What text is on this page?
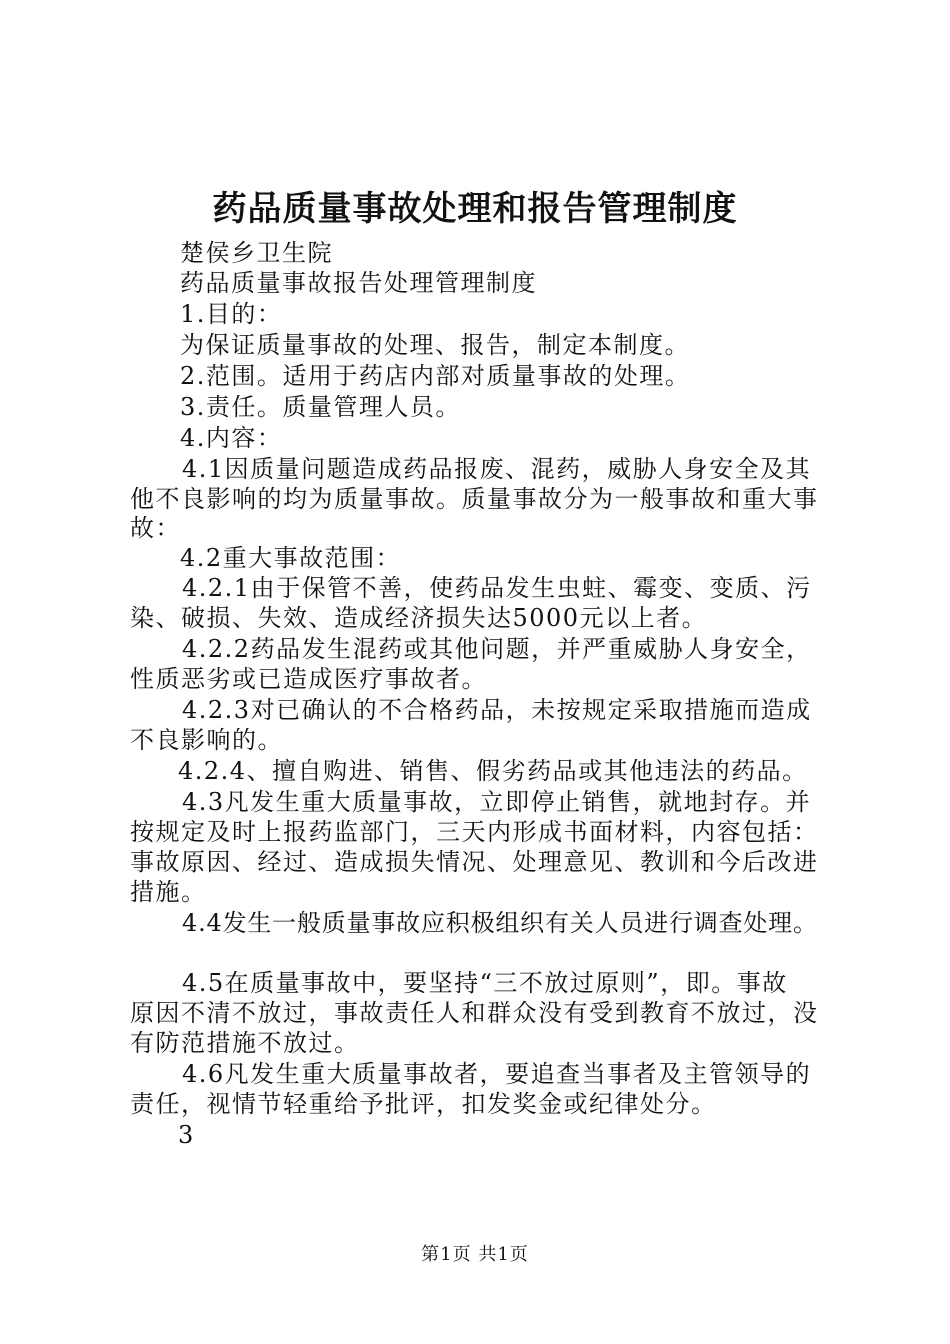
药品质量事故处理和报告管理制度
楚侯乡卫生院
药品质量事故报告处理管理制度
1.目的：
为保证质量事故的处理、报告，制定本制度。
2.范围。适用于药店内部对质量事故的处理。
3.责任。质量管理人员。
4.内容：
4.1因质量问题造成药品报废、混药，威胁人身安全及其
他不良影响的均为质量事故。质量事故分为一般事故和重大事
故：
4.2重大事故范围：
4.2.1由于保管不善，使药品发生虫蛀、霉变、变质、污
染、破损、失效、造成经济损失达5000元以上者。
4.2.2药品发生混药或其他问题，并严重威胁人身安全，
性质恶劣或已造成医疗事故者。
4.2.3对已确认的不合格药品，未按规定采取措施而造成
不良影响的。
4.2.4、擅自购进、销售、假劣药品或其他违法的药品。
4.3凡发生重大质量事故，立即停止销售，就地封存。并
按规定及时上报药监部门，三天内形成书面材料，内容包括：
事故原因、经过、造成损失情况、处理意见、教训和今后改进
措施。
4.4发生一般质量事故应积极组织有关人员进行调查处理。
4.5在质量事故中，要坚持“三不放过原则”，即。事故
原因不清不放过，事故责任人和群众没有受到教育不放过，没
有防范措施不放过。
4.6凡发生重大质量事故者，要追查当事者及主管领导的
责任，视情节轻重给予批评，扣发奖金或纪律处分。
3
第1页 共1页
